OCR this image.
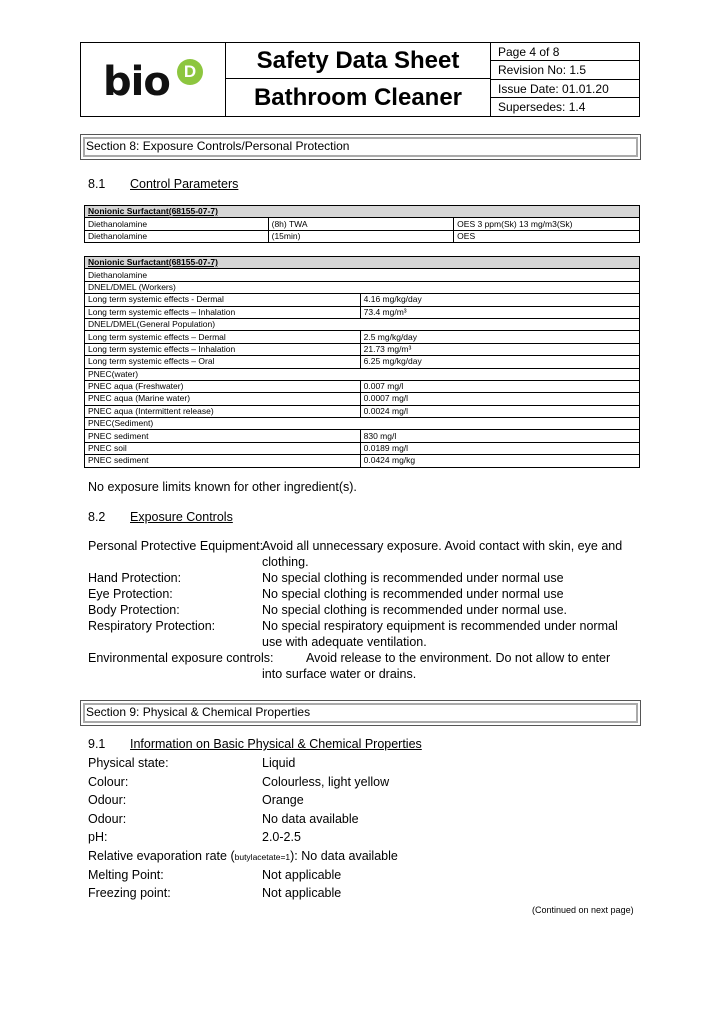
bio D	Safety Data Sheet
Bathroom Cleaner
Page 4 of 8
Revision No: 1.5
Issue Date: 01.01.20
Supersedes: 1.4
Section 8: Exposure Controls/Personal Protection
8.1 Control Parameters
Nonionic Surfactant(68155-07-7)		
Diethanolamine	(8h) TWA	OES 3 ppm(Sk) 13 mg/m3(Sk)
Diethanolamine	(15min)	OES
Nonionic Surfactant(68155-07-7)	
Diethanolamine	
DNEL/DMEL (Workers)	
Long term systemic effects - Dermal	4.16 mg/kg/day
Long term systemic effects – Inhalation	73.4 mg/m³
DNEL/DMEL(General Population)	
Long term systemic effects – Dermal	2.5 mg/kg/day
Long term systemic effects – Inhalation	21.73 mg/m³
Long term systemic effects – Oral	6.25 mg/kg/day
PNEC(water)	
PNEC aqua (Freshwater)	0.007 mg/l
PNEC aqua (Marine water)	0.0007 mg/l
PNEC aqua (Intermittent release)	0.0024 mg/l
PNEC(Sediment)	
PNEC sediment	830 mg/l
PNEC soil	0.0189 mg/l
PNEC sediment	0.0424 mg/kg
No exposure limits known for other ingredient(s).
8.2 Exposure Controls
Personal Protective Equipment:
Avoid all unnecessary exposure. Avoid contact with skin, eye and clothing.
Hand Protection:	No special clothing is recommended under normal use
Eye Protection:	No special clothing is recommended under normal use
Body Protection:	No special clothing is recommended under normal use.
Respiratory Protection:	No special respiratory equipment is recommended under normal use with adequate ventilation.
Environmental exposure controls:	Avoid release to the environment. Do not allow to enter into surface water or drains.
Section 9: Physical & Chemical Properties
9.1 Information on Basic Physical & Chemical Properties
Physical state:	Liquid
Colour:	Colourless, light yellow
Odour:	Orange
Odour:	No data available
pH:	2.0-2.5
Relative evaporation rate (butylacetate=1): No data available
Melting Point:	Not applicable
Freezing point:	Not applicable
(Continued on next page)
